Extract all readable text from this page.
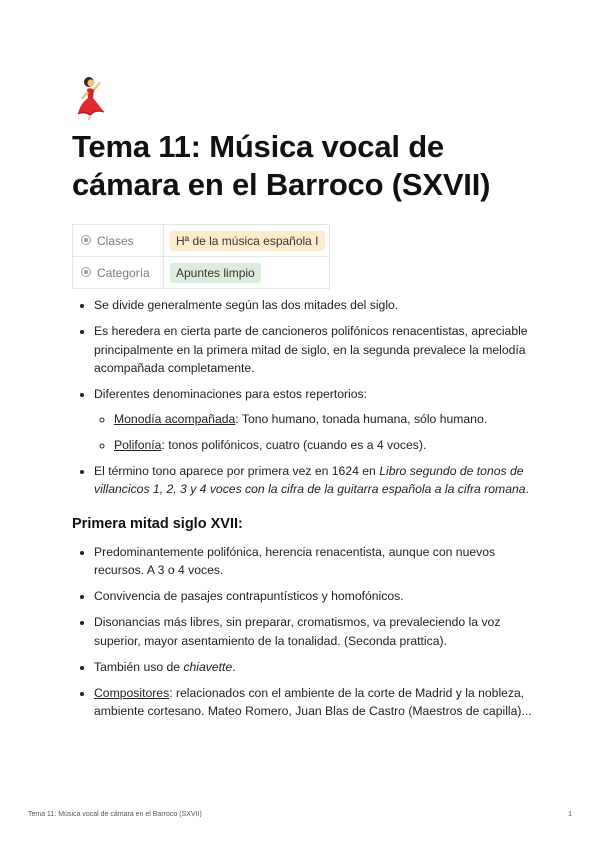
Tema 11: Música vocal de cámara en el Barroco (SXVII)
Clases	Hª de la música española I
Categoría	Apuntes limpio
• Se divide generalmente según las dos mitades del siglo.
• Es heredera en cierta parte de cancioneros polifónicos renacentistas, apreciable principalmente en la primera mitad de siglo, en la segunda prevalece la melodía acompañada completamente.
• Diferentes denominaciones para estos repertorios:
◦ Monodía acompañada: Tono humano, tonada humana, sólo humano.
◦ Polifonía: tonos polifónicos, cuatro (cuando es a 4 voces).
• El término tono aparece por primera vez en 1624 en Libro segundo de tonos de villancicos 1, 2, 3 y 4 voces con la cifra de la guitarra española a la cifra romana.
Primera mitad siglo XVII:
• Predominantemente polifónica, herencia renacentista, aunque con nuevos recursos. A 3 o 4 voces.
• Convivencia de pasajes contrapuntísticos y homofónicos.
• Disonancias más libres, sin preparar, cromatismos, va prevaleciendo la voz superior, mayor asentamiento de la tonalidad. (Seconda prattica).
• También uso de chiavette.
• Compositores: relacionados con el ambiente de la corte de Madrid y la nobleza, ambiente cortesano. Mateo Romero, Juan Blas de Castro (Maestros de capilla)...
Tema 11: Música vocal de cámara en el Barroco (SXVII)	1
